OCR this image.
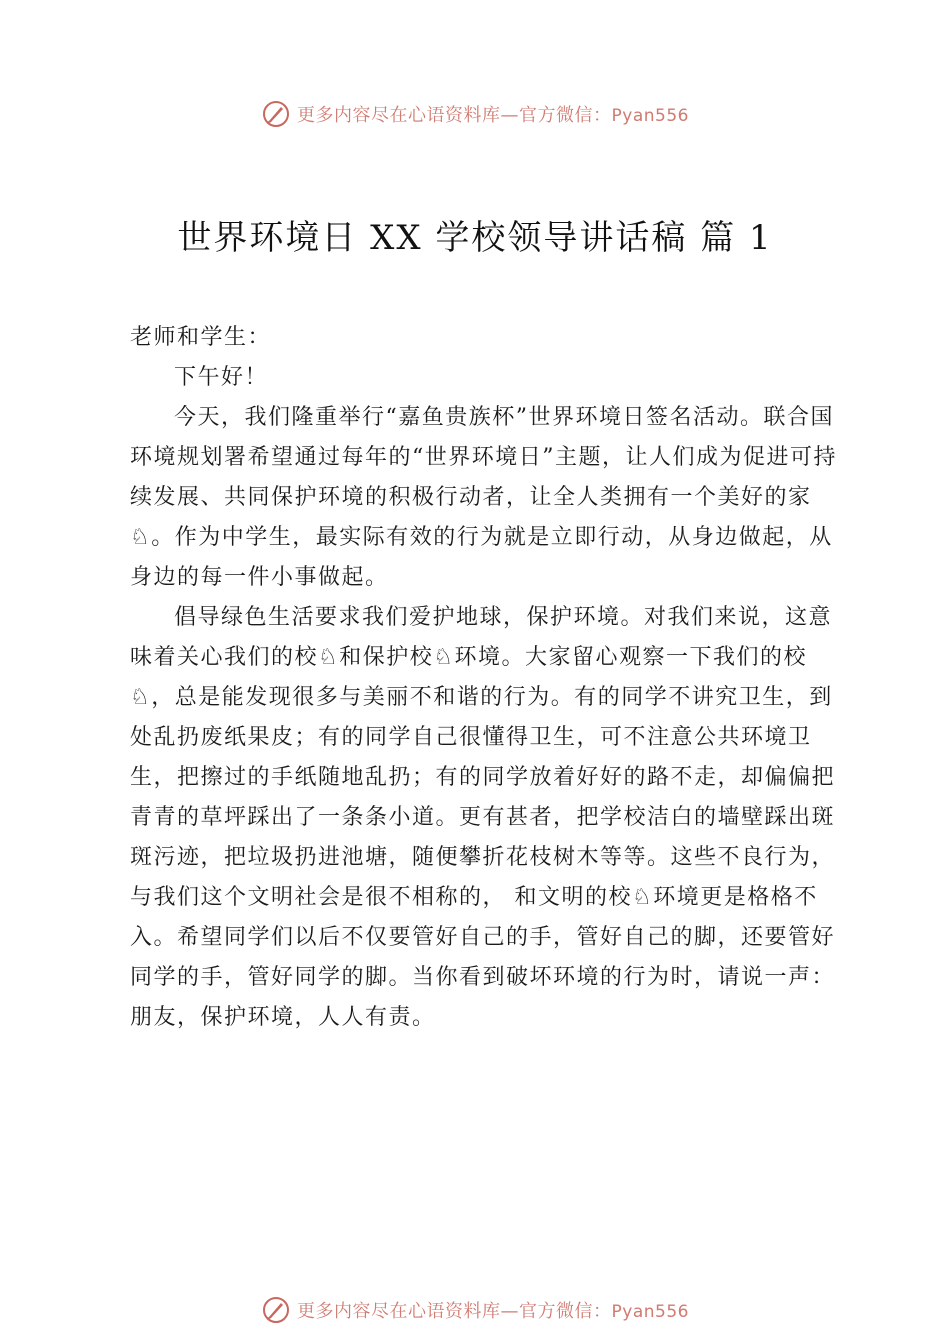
更多内容尽在心语资料库—官方微信：Pyan556
世界环境日 XX 学校领导讲话稿 篇 1

老师和学生：

下午好！

今天，我们隆重举行“嘉鱼贵族杯”世界环境日签名活动。联合国环境规划署希望通过每年的“世界环境日”主题，让人们成为促进可持续发展、共同保护环境的积极行动者，让全人类拥有一个美好的家♘。作为中学生，最实际有效的行为就是立即行动，从身边做起，从身边的每一件小事做起。

倡导绿色生活要求我们爱护地球，保护环境。对我们来说，这意味着关心我们的校♘和保护校♘环境。大家留心观察一下我们的校♘，总是能发现很多与美丽不和谐的行为。有的同学不讲究卫生，到处乱扔废纸果皮；有的同学自己很懂得卫生，可不注意公共环境卫生，把擦过的手纸随地乱扔；有的同学放着好好的路不走，却偏偏把青青的草坪踩出了一条条小道。更有甚者，把学校洁白的墙壁踩出斑斑污迹，把垃圾扔进池塘，随便攀折花枝树木等等。这些不良行为，与我们这个文明社会是很不相称的， 和文明的校♘环境更是格格不入。希望同学们以后不仅要管好自己的手，管好自己的脚，还要管好同学的手，管好同学的脚。当你看到破坏环境的行为时，请说一声：朋友，保护环境，人人有责。

更多内容尽在心语资料库—官方微信：Pyan556
